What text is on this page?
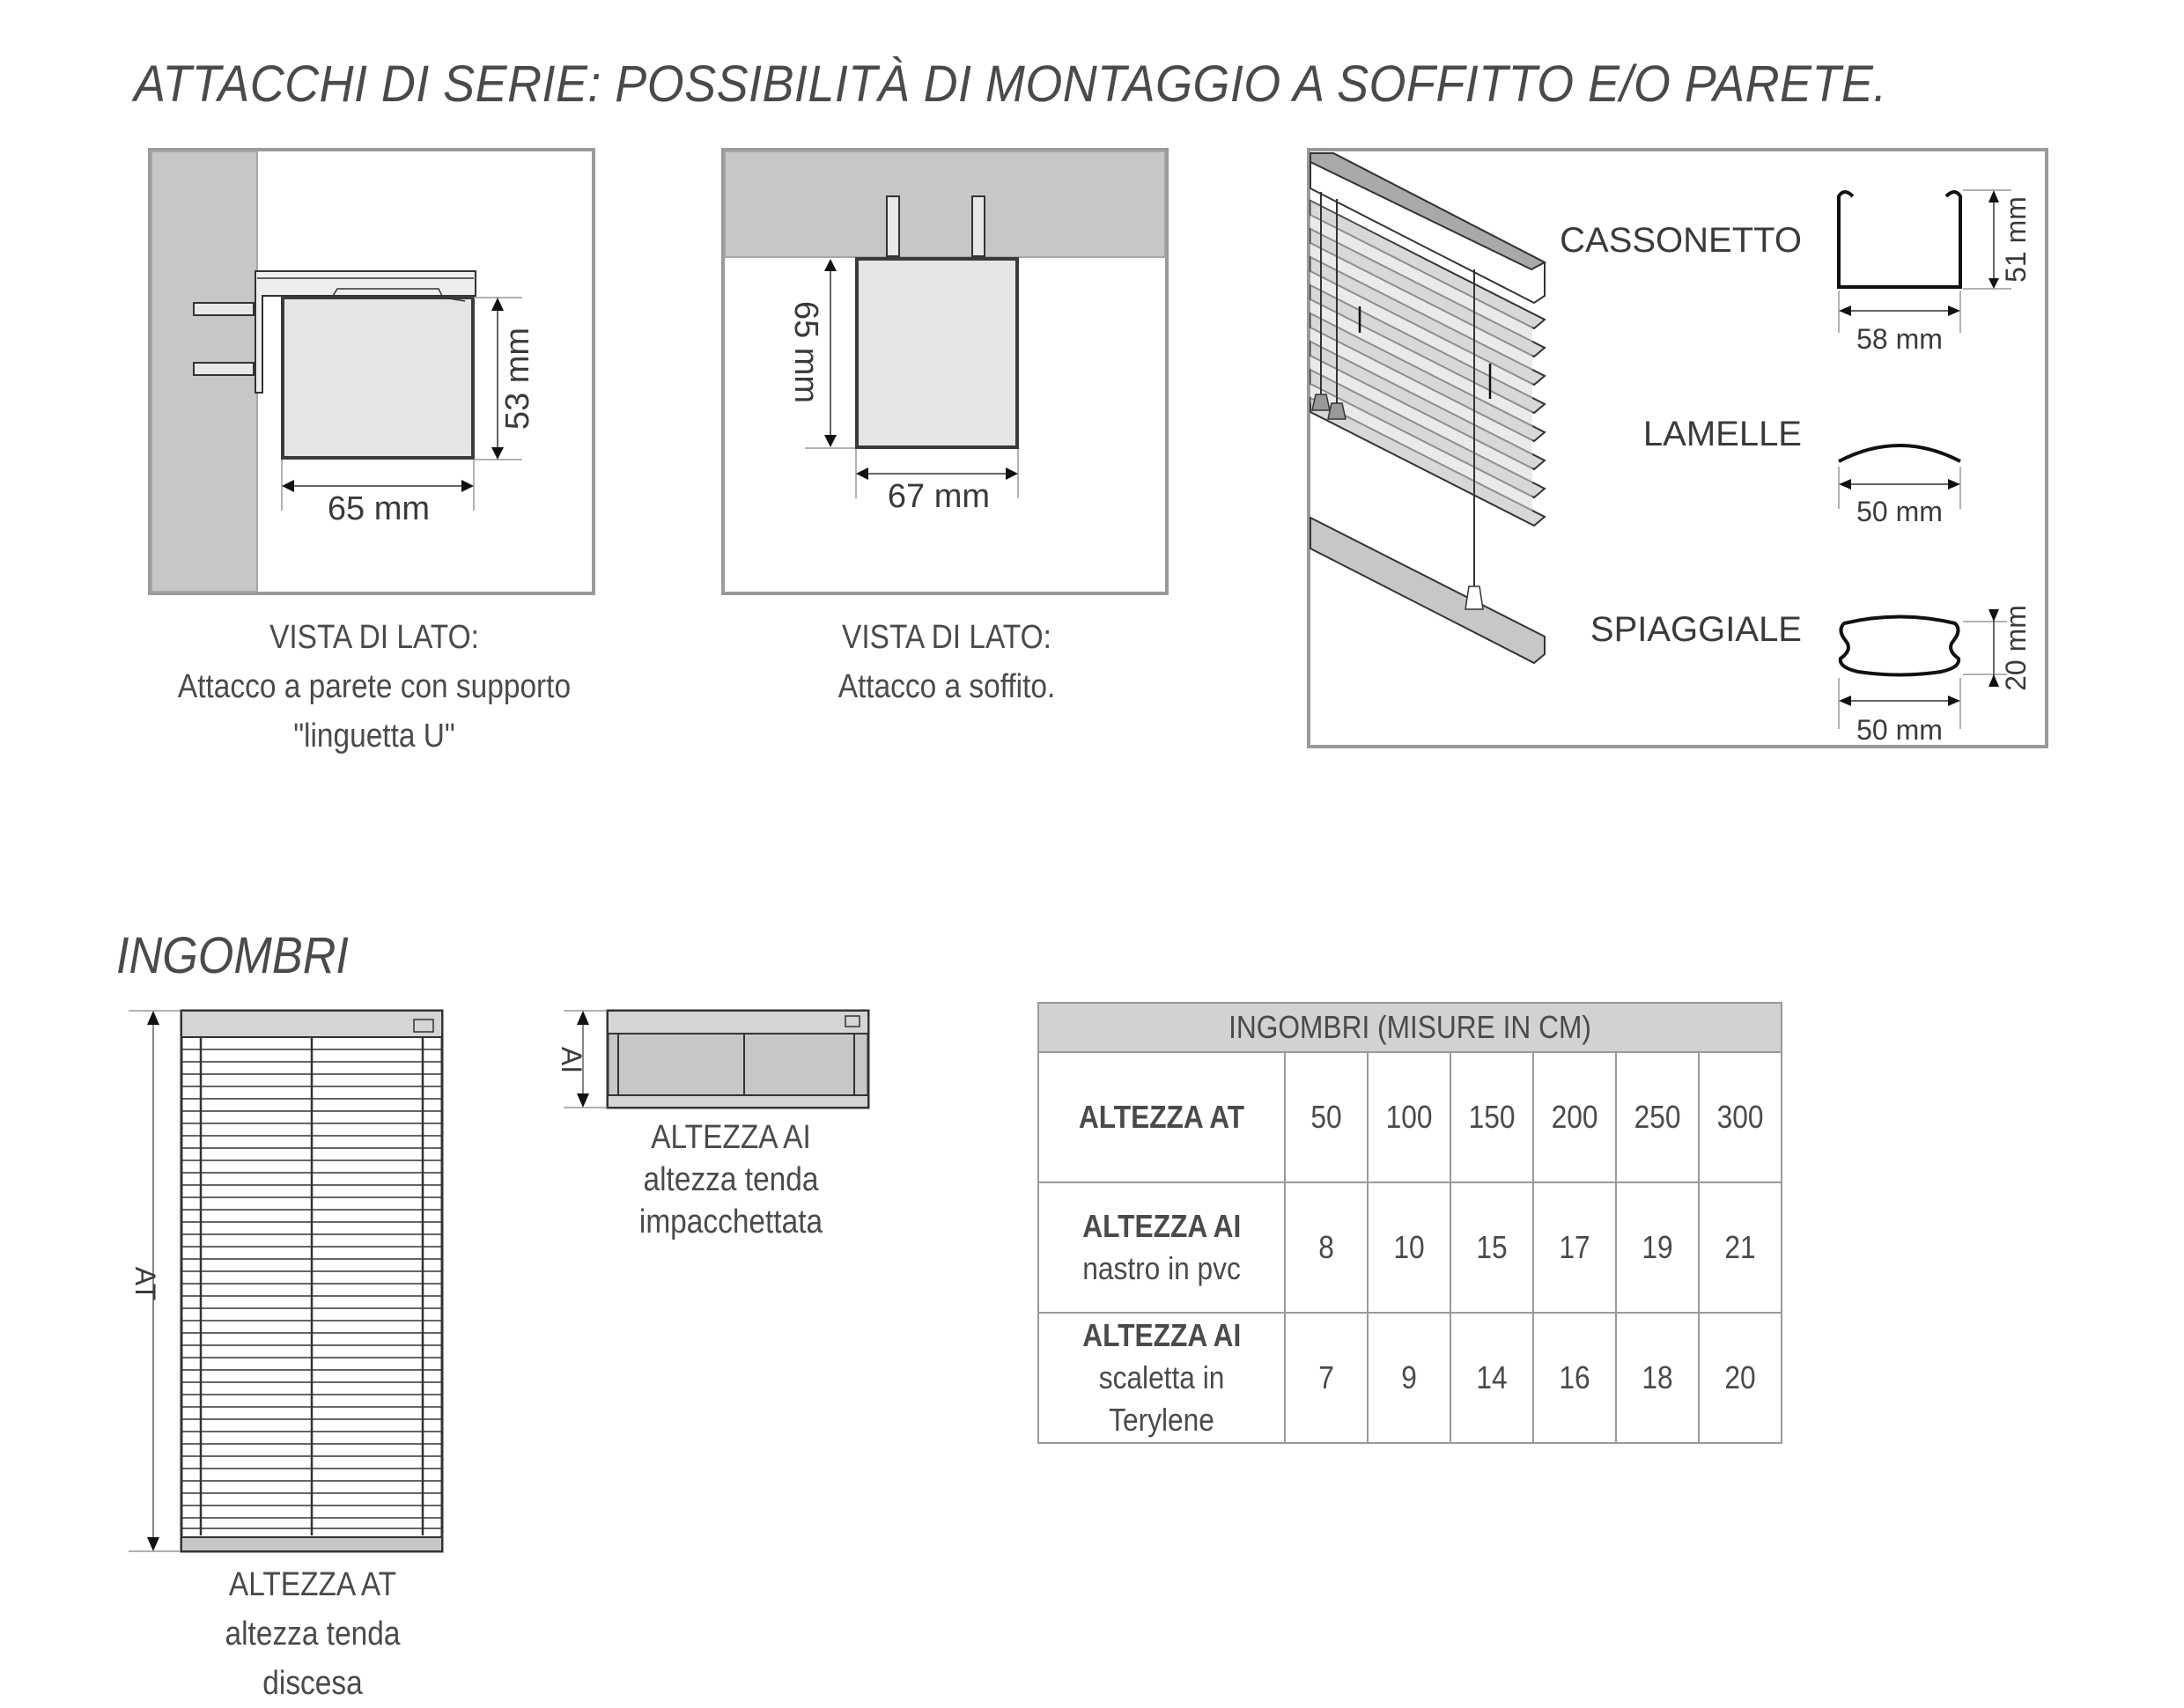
ATTACCHI DI SERIE: POSSIBILITÀ DI MONTAGGIO A SOFFITTO E/O PARETE.
53 mm
65 mm
VISTA DI LATO:
Attacco a parete con supporto
"linguetta U"
65 mm
67 mm
VISTA DI LATO:
Attacco a soffito.
CASSONETTO
LAMELLE
SPIAGGIALE
51 mm
58 mm
50 mm
20 mm
50 mm
INGOMBRI
AT
ALTEZZA AT
altezza tenda
discesa
AI
ALTEZZA AI
altezza tenda
impacchettata
INGOMBRI (MISURE IN CM)						
ALTEZZA AT	50	100	150	200	250	300
ALTEZZA AI
nastro in pvc	8	10	15	17	19	21
ALTEZZA AI
scaletta in
Terylene	7	9	14	16	18	20
